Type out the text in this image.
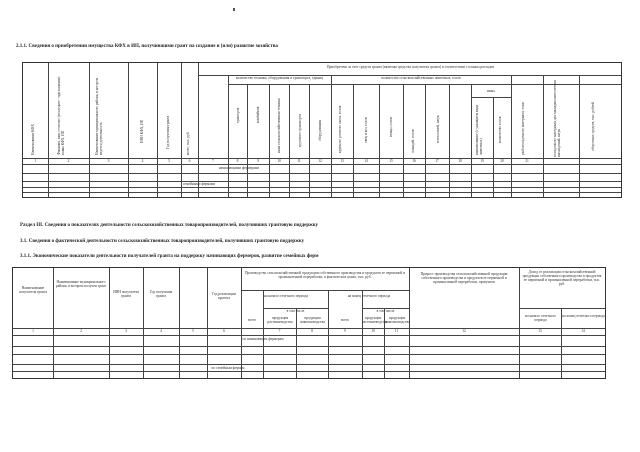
2.1.1. Сведения о приобретении имущества КФХ в ИП, получившими грант на создание и (или) развитие хозяйства
Наименование КФХ	Фамилия, имя, отчество (последнее - при наличии) главы КФХ, ИП	Наименование муниципального района, в котором ведется деятельность	ИНН КФХ, ИП	Год получения гранта	всего, тыс. руб.
Приобретено за счет средств гранта (включая средства получателя гранта) в соответствии с планом расходов
количество техники, оборудования и транспорта, единиц	количество сельскохозяйственных животных, голов
тракторов	комбайнов	иная сельскохозяйственная техника	грузового транспорта	оборудования	крупного рогатого скота, голов	овец и коз, голов	птицы, голов
лошадей, голов	пчелосемей, штук
иных
наименование (с указанием вида животных)
количество голов	рыбопосадочного материала, тонн	посадочного материала для закладки многолетних насаждений, штук	оборотных средств, тыс. рублей
1	2	3	4	5	6	7	8	9	10	11	12	13	14	15	16	17	18	19	20	21
начинающими фермерами
семейными фермами
Раздел III. Сведения о показателях деятельности сельскохозяйственных товаропроизводителей, получивших грантовую поддержку
3.1. Сведения о фактической деятельности сельскохозяйственных товаропроизводителей, получивших грантовую поддержку
3.1.1. Экономические показатели деятельности получателей гранта на поддержку начинающих фермеров, развитие семейных ферм
Наименование получателя гранта
Наименование муниципального района, в котором получен грант
ИНН получателя гранта
Год получения гранта	Год реализации проекта
Производство сельскохозяйственной продукции собственного производства и продуктов ее первичной и промышленной переработки, в фактических ценах, тыс. руб.
на начало отчетного периода	на конец отчетного периода
всего
в том числе
продукция растениеводства
продукция животноводства	всего
в том числе
продукция растениеводства
продукция животноводства
Прирост производства сельскохозяйственной продукции собственного производства и продуктов ее первичной и промышленной переработки, процентов
Доход от реализации сельскохозяйственной продукции собственного производства и продуктов ее первичной и промышленной переработки, тыс. руб.
на начало отчетного периода
на конец отчетного периода
1	2	3	4	5	6	7	8	9	10	11	12	13	14
по начинающим фермерам
по семейным фермам
